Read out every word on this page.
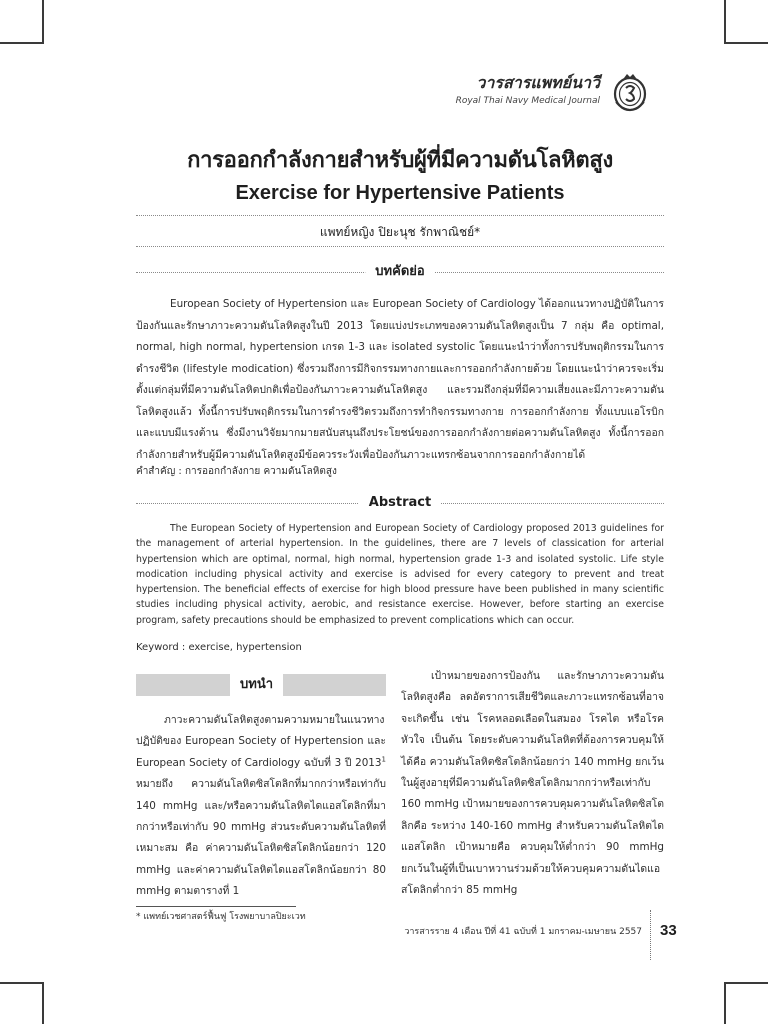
วารสารแพทย์นาวี
Royal Thai Navy Medical Journal
การออกกำลังกายสำหรับผู้ที่มีความดันโลหิตสูง
Exercise for Hypertensive Patients
แพทย์หญิง ปิยะนุช รักพาณิชย์*
บทคัดย่อ

European Society of Hypertension และ European Society of Cardiology ได้ออกแนวทางปฏิบัติในการป้องกันและรักษาภาวะความดันโลหิตสูงในปี 2013 โดยแบ่งประเภทของความดันโลหิตสูงเป็น 7 กลุ่ม คือ optimal, normal, high normal, hypertension เกรด 1-3 และ isolated systolic โดยแนะนำว่าทั้งการปรับพฤติกรรมในการดำรงชีวิต (lifestyle modication) ซึ่งรวมถึงการมีกิจกรรมทางกายและการออกกำลังกายด้วย โดยแนะนำว่าควรจะเริ่มตั้งแต่กลุ่มที่มีความดันโลหิตปกติเพื่อป้องกันภาวะความดันโลหิตสูง และรวมถึงกลุ่มที่มีความเสี่ยงและมีภาวะความดันโลหิตสูงแล้ว ทั้งนี้การปรับพฤติกรรมในการดำรงชีวิตรวมถึงการทำกิจกรรมทางกาย การออกกำลังกาย ทั้งแบบแอโรบิกและแบบมีแรงต้าน ซึ่งมีงานวิจัยมากมายสนับสนุนถึงประโยชน์ของการออกกำลังกายต่อความดันโลหิตสูง ทั้งนี้การออกกำลังกายสำหรับผู้มีความดันโลหิตสูงมีข้อควรระวังเพื่อป้องกันภาวะแทรกซ้อนจากการออกกำลังกายได้

คำสำคัญ : การออกกำลังกาย ความดันโลหิตสูง
Abstract

The European Society of Hypertension and European Society of Cardiology proposed 2013 guidelines for the management of arterial hypertension. In the guidelines, there are 7 levels of classication for arterial hypertension which are optimal, normal, high normal, hypertension grade 1-3 and isolated systolic. Life style modication including physical activity and exercise is advised for every category to prevent and treat hypertension. The beneficial effects of exercise for high blood pressure have been published in many scientific studies including physical activity, aerobic, and resistance exercise. However, before starting an exercise program, safety precautions should be emphasized to prevent complications which can occur.

Keyword : exercise, hypertension
บทนำ

ภาวะความดันโลหิตสูงตามความหมายในแนวทางปฏิบัติของ European Society of Hypertension และ European Society of Cardiology ฉบับที่ 3 ปี 2013$^1$ หมายถึง ความดันโลหิตซิสโตลิกที่มากกว่าหรือเท่ากับ 140 mmHg และ/หรือความดันโลหิตไดแอสโตลิกที่มากกว่าหรือเท่ากับ 90 mmHg ส่วนระดับความดันโลหิตที่เหมาะสม คือ ค่าความดันโลหิตซิสโตลิกน้อยกว่า 120 mmHg และค่าความดันโลหิตไดแอสโตลิกน้อยกว่า 80 mmHg ตามตารางที่ 1

เป้าหมายของการป้องกัน และรักษาภาวะความดันโลหิตสูงคือ ลดอัตราการเสียชีวิตและภาวะแทรกซ้อนที่อาจจะเกิดขึ้น เช่น โรคหลอดเลือดในสมอง โรคไต หรือโรคหัวใจ เป็นต้น โดยระดับความดันโลหิตที่ต้องการควบคุมให้ได้คือ ความดันโลหิตซิสโตลิกน้อยกว่า 140 mmHg ยกเว้นในผู้สูงอายุที่มีความดันโลหิตซิสโตลิกมากกว่าหรือเท่ากับ 160 mmHg เป้าหมายของการควบคุมความดันโลหิตซิสโตลิกคือ ระหว่าง 140-160 mmHg สำหรับความดันโลหิตไดแอสโตลิก เป้าหมายคือ ควบคุมให้ต่ำกว่า 90 mmHg ยกเว้นในผู้ที่เป็นเบาหวานร่วมด้วยให้ควบคุมความดันไดแอสโตลิกต่ำกว่า 85 mmHg

* แพทย์เวชศาสตร์ฟื้นฟู โรงพยาบาลปิยะเวท
วารสารราย 4 เดือน ปีที่ 41 ฉบับที่ 1 มกราคม-เมษายน 2557 33
